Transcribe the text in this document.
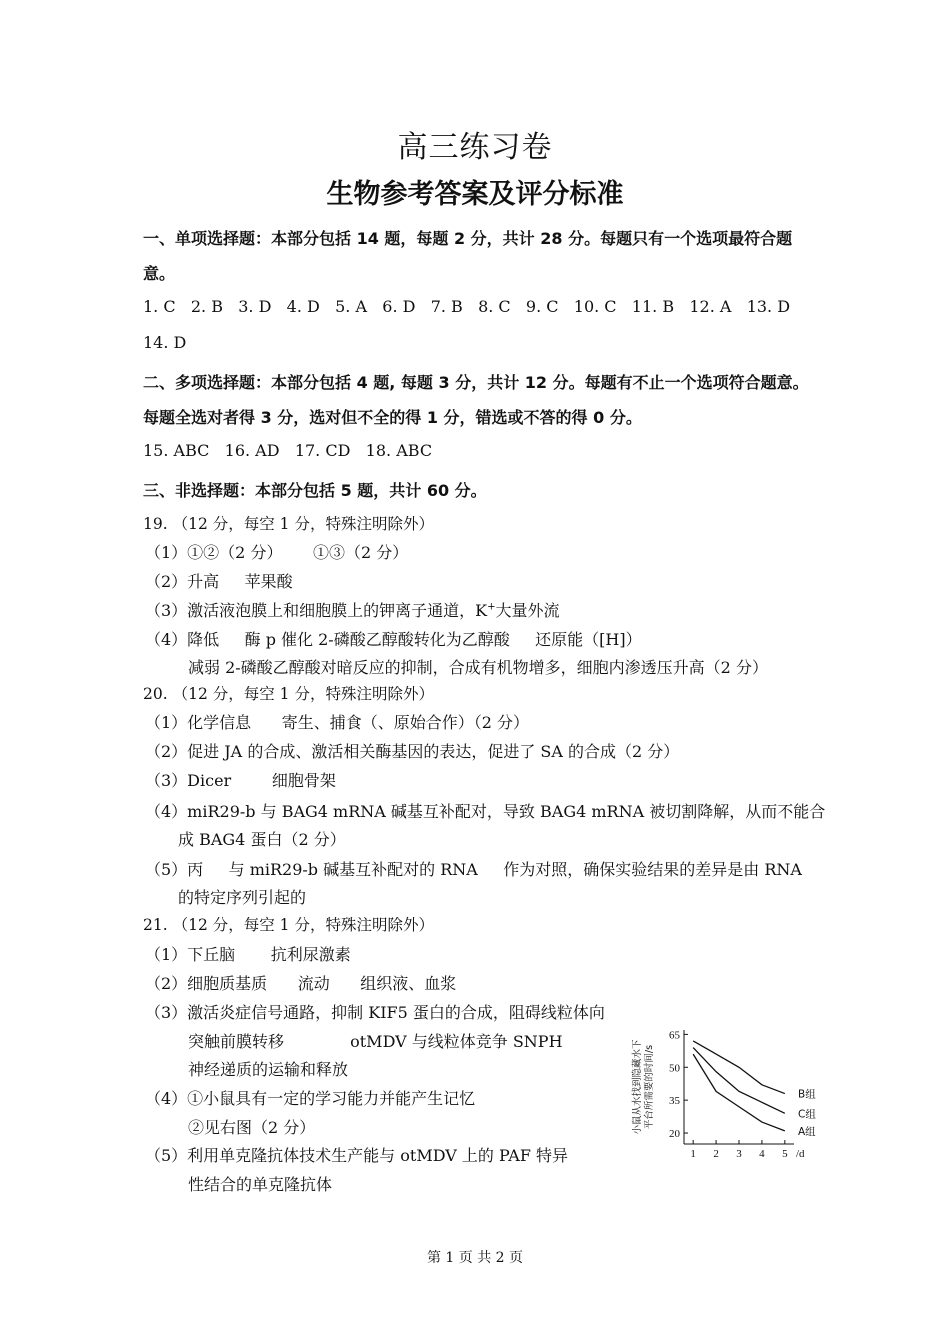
高三练习卷
生物参考答案及评分标准
一、单项选择题：本部分包括 14 题，每题 2 分，共计 28 分。每题只有一个选项最符合题
意。
1. C   2. B   3. D   4. D   5. A   6. D   7. B   8. C   9. C   10. C   11. B   12. A   13. D
14. D
二、多项选择题：本部分包括 4 题, 每题 3 分，共计 12 分。每题有不止一个选项符合题意。
每题全选对者得 3 分，选对但不全的得 1 分，错选或不答的得 0 分。
15. ABC   16. AD   17. CD   18. ABC
三、非选择题：本部分包括 5 题，共计 60 分。
19. （12 分，每空 1 分，特殊注明除外）
（1）①②（2 分）      ①③（2 分）
（2）升高     苹果酸
（3）激活液泡膜上和细胞膜上的钾离子通道，K+大量外流
（4）降低     酶 p 催化 2-磷酸乙醇酸转化为乙醇酸     还原能（[H]）
减弱 2-磷酸乙醇酸对暗反应的抑制，合成有机物增多，细胞内渗透压升高（2 分）
20. （12 分，每空 1 分，特殊注明除外）
（1）化学信息      寄生、捕食（、原始合作）（2 分）
（2）促进 JA 的合成、激活相关酶基因的表达，促进了 SA 的合成（2 分）
（3）Dicer        细胞骨架
（4）miR29-b 与 BAG4 mRNA 碱基互补配对，导致 BAG4 mRNA 被切割降解，从而不能合
成 BAG4 蛋白（2 分）
（5）丙     与 miR29-b 碱基互补配对的 RNA     作为对照，确保实验结果的差异是由 RNA
的特定序列引起的
21. （12 分，每空 1 分，特殊注明除外）
（1）下丘脑       抗利尿激素
（2）细胞质基质      流动      组织液、血浆
（3）激活炎症信号通路，抑制 KIF5 蛋白的合成，阻碍线粒体向
突触前膜转移             otMDV 与线粒体竞争 SNPH
神经递质的运输和释放
（4）①小鼠具有一定的学习能力并能产生记忆
②见右图（2 分）
（5）利用单克隆抗体技术生产能与 otMDV 上的 PAF 特异
性结合的单克隆抗体
20
35
50
65
1 2 3 4 5 /d
小鼠从水找到隐藏水下 平台所需要的时间/s	B组
C组
A组
第 1 页 共 2 页
